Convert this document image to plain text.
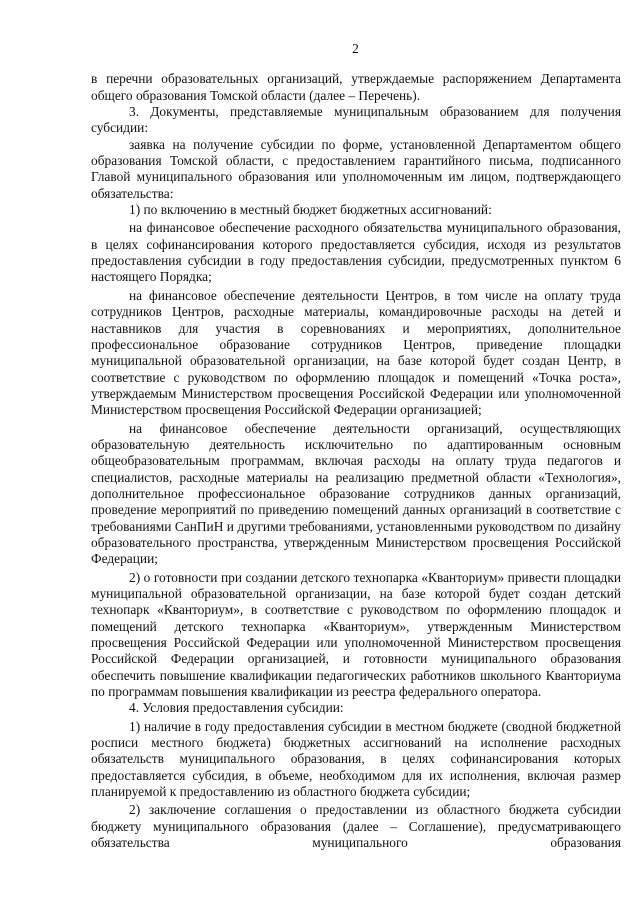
2

в перечни образовательных организаций, утверждаемые распоряжением Департамента общего образования Томской области (далее – Перечень).

3. Документы, представляемые муниципальным образованием для получения субсидии:

заявка на получение субсидии по форме, установленной Департаментом общего образования Томской области, с предоставлением гарантийного письма, подписанного Главой муниципального образования или уполномоченным им лицом, подтверждающего обязательства:

1) по включению в местный бюджет бюджетных ассигнований:

на финансовое обеспечение расходного обязательства муниципального образования, в целях софинансирования которого предоставляется субсидия, исходя из результатов предоставления субсидии в году предоставления субсидии, предусмотренных пунктом 6 настоящего Порядка;

на финансовое обеспечение деятельности Центров, в том числе на оплату труда сотрудников Центров, расходные материалы, командировочные расходы на детей и наставников для участия в соревнованиях и мероприятиях, дополнительное профессиональное образование сотрудников Центров, приведение площадки муниципальной образовательной организации, на базе которой будет создан Центр, в соответствие с руководством по оформлению площадок и помещений «Точка роста», утверждаемым Министерством просвещения Российской Федерации или уполномоченной Министерством просвещения Российской Федерации организацией;

на финансовое обеспечение деятельности организаций, осуществляющих образовательную деятельность исключительно по адаптированным основным общеобразовательным программам, включая расходы на оплату труда педагогов и специалистов, расходные материалы на реализацию предметной области «Технология», дополнительное профессиональное образование сотрудников данных организаций, проведение мероприятий по приведению помещений данных организаций в соответствие с требованиями СанПиН и другими требованиями, установленными руководством по дизайну образовательного пространства, утвержденным Министерством просвещения Российской Федерации;

2) о готовности при создании детского технопарка «Кванториум» привести площадки муниципальной образовательной организации, на базе которой будет создан детский технопарк «Кванториум», в соответствие с руководством по оформлению площадок и помещений детского технопарка «Кванториум», утвержденным Министерством просвещения Российской Федерации или уполномоченной Министерством просвещения Российской Федерации организацией, и готовности муниципального образования обеспечить повышение квалификации педагогических работников школьного Кванториума по программам повышения квалификации из реестра федерального оператора.

4. Условия предоставления субсидии:

1) наличие в году предоставления субсидии в местном бюджете (сводной бюджетной росписи местного бюджета) бюджетных ассигнований на исполнение расходных обязательств муниципального образования, в целях софинансирования которых предоставляется субсидия, в объеме, необходимом для их исполнения, включая размер планируемой к предоставлению из областного бюджета субсидии;

2) заключение соглашения о предоставлении из областного бюджета субсидии бюджету муниципального образования (далее – Соглашение), предусматривающего обязательства муниципального образования
